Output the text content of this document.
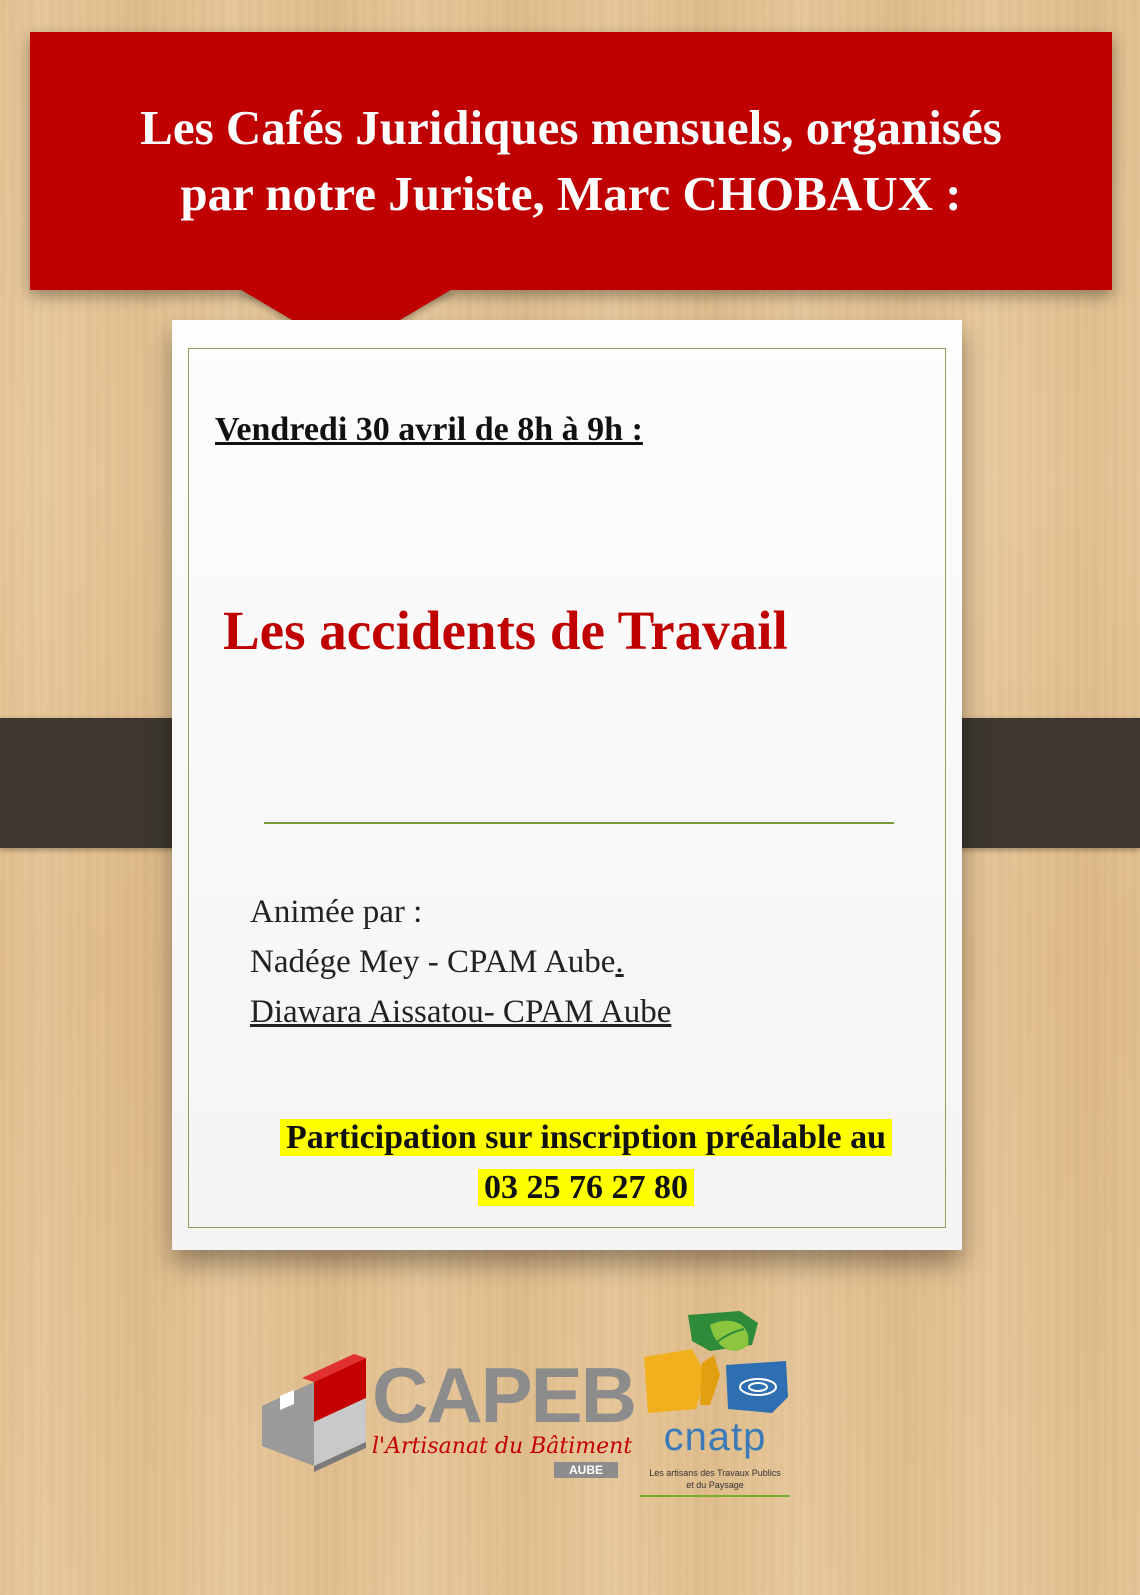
Les Cafés Juridiques mensuels, organisés
par notre Juriste, Marc CHOBAUX :
Vendredi 30 avril de 8h à 9h :
Les accidents de Travail
Animée par :
Nadége Mey - CPAM Aube.
Diawara Aissatou- CPAM Aube
Participation sur inscription préalable au
03 25 76 27 80
CAPEB
l'Artisanat du Bâtiment
AUBE
cnatp
Les artisans des Travaux Publics
et du Paysage
